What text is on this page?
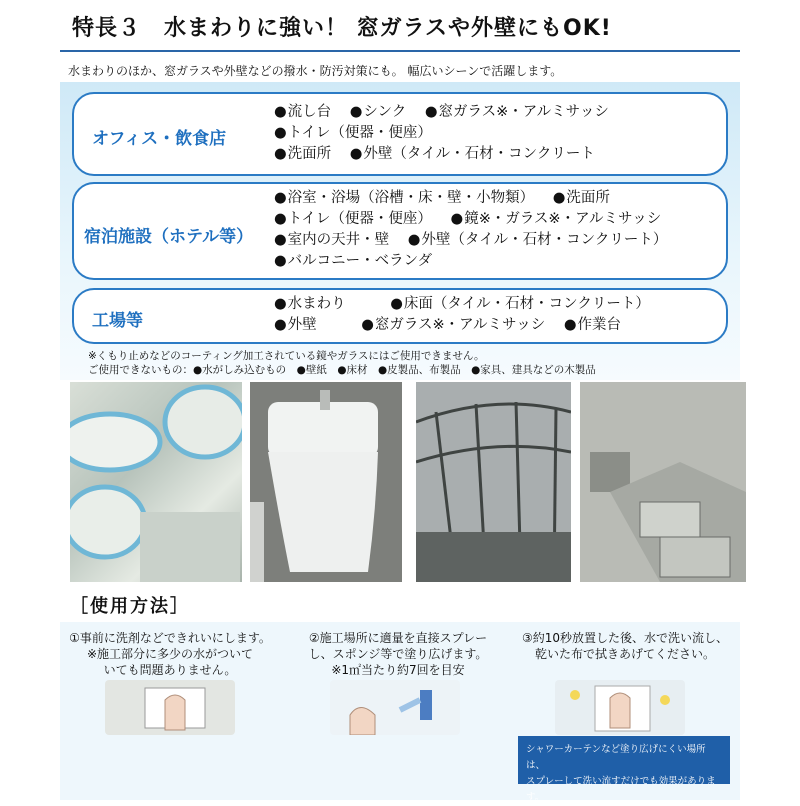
特長３　水まわりに強い！ 窓ガラスや外壁にもOK!
水まわりのほか、窓ガラスや外壁などの撥水・防汚対策にも。 幅広いシーンで活躍します。
オフィス・飲食店
● 流し台 ● シンク ● 窓ガラス※・アルミサッシ
● トイレ（便器・便座）
● 洗面所 ● 外壁（タイル・石材・コンクリート
宿泊施設（ホテル等）
● 浴室・浴場（浴槽・床・壁・小物類） ● 洗面所
● トイレ（便器・便座） ● 鏡※・ガラス※・アルミサッシ
● 室内の天井・壁 ● 外壁（タイル・石材・コンクリート）
● バルコニー・ベランダ
工場等
● 水まわり	● 床面（タイル・石材・コンクリート）
● 外壁	● 窓ガラス※・アルミサッシ ● 作業台
※くもり止めなどのコーティング加工されている鏡やガラスにはご使用できません。
ご使用できないもの：●水がしみ込むもの　●壁紙　●床材　●皮製品、布製品　●家具、建具などの木製品
［使用方法］
①事前に洗剤などできれいにします。
※施工部分に多少の水がついて
いても問題ありません。
②施工場所に適量を直接スプレー
し、スポンジ等で塗り広げます。
※1㎡当たり約7回を目安
③約10秒放置した後、水で洗い流し、
乾いた布で拭きあげてください。
シャワーカーテンなど塗り広げにくい場所は、
スプレーして洗い流すだけでも効果があります。
